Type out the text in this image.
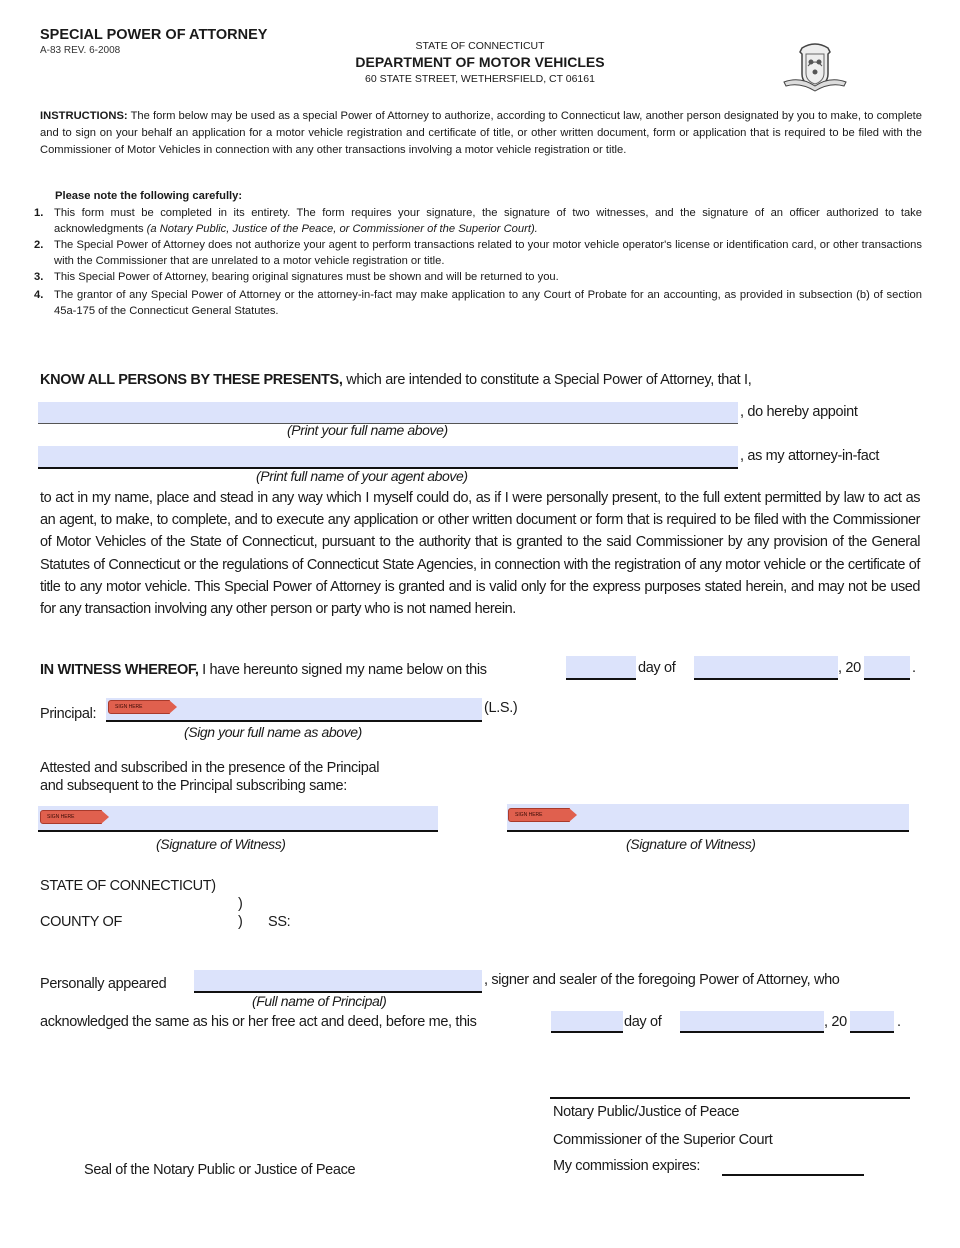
SPECIAL POWER OF ATTORNEY
A-83 REV. 6-2008	STATE OF CONNECTICUT
DEPARTMENT OF MOTOR VEHICLES
60 STATE STREET, WETHERSFIELD, CT 06161
INSTRUCTIONS: The form below may be used as a special Power of Attorney to authorize, according to Connecticut law, another person designated by you to make, to complete and to sign on your behalf an application for a motor vehicle registration and certificate of title, or other written document, form or application that is required to be filed with the Commissioner of Motor Vehicles in connection with any other transactions involving a motor vehicle registration or title.
Please note the following carefully:
1. This form must be completed in its entirety. The form requires your signature, the signature of two witnesses, and the signature of an officer authorized to take acknowledgments (a Notary Public, Justice of the Peace, or Commissioner of the Superior Court).
2. The Special Power of Attorney does not authorize your agent to perform transactions related to your motor vehicle operator's license or identification card, or other transactions with the Commissioner that are unrelated to a motor vehicle registration or title.
3. This Special Power of Attorney, bearing original signatures must be shown and will be returned to you.
4. The grantor of any Special Power of Attorney or the attorney-in-fact may make application to any Court of Probate for an accounting, as provided in subsection (b) of section 45a-175 of the Connecticut General Statutes.
KNOW ALL PERSONS BY THESE PRESENTS, which are intended to constitute a Special Power of Attorney, that I,
, do hereby appoint
(Print your full name above)
, as my attorney-in-fact
(Print full name of your agent above)
to act in my name, place and stead in any way which I myself could do, as if I were personally present, to the full extent permitted by law to act as an agent, to make, to complete, and to execute any application or other written document or form that is required to be filed with the Commissioner of Motor Vehicles of the State of Connecticut, pursuant to the authority that is granted to the said Commissioner by any provision of the General Statutes of Connecticut or the regulations of Connecticut State Agencies, in connection with the registration of any motor vehicle or the certificate of title to any motor vehicle. This Special Power of Attorney is granted and is valid only for the express purposes stated herein, and may not be used for any transaction involving any other person or party who is not named herein.
IN WITNESS WHEREOF, I have hereunto signed my name below on this	day of	, 20	.
Principal:	SIGN HERE	(L.S.)
(Sign your full name as above)
Attested and subscribed in the presence of the Principal
and subsequent to the Principal subscribing same:
SIGN HERE
(Signature of Witness)
SIGN HERE
(Signature of Witness)
STATE OF CONNECTICUT)
)
COUNTY OF	) SS:
Personally appeared	, signer and sealer of the foregoing Power of Attorney, who
(Full name of Principal)
acknowledged the same as his or her free act and deed, before me, this	day of	, 20	.
Notary Public/Justice of Peace
Commissioner of the Superior Court
My commission expires:
Seal of the Notary Public or Justice of Peace
